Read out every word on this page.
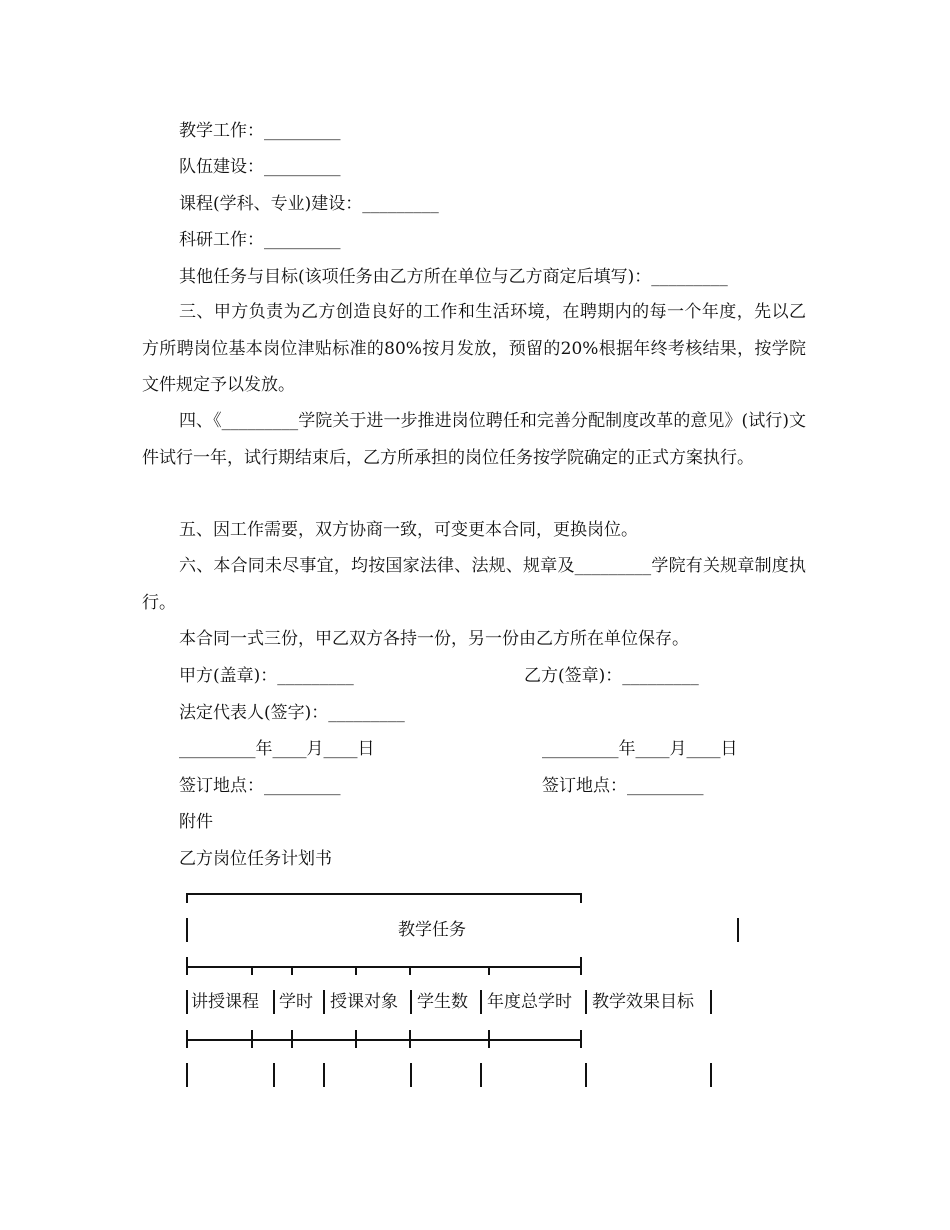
教学工作：_________
队伍建设：_________
课程(学科、专业)建设：_________
科研工作：_________
其他任务与目标(该项任务由乙方所在单位与乙方商定后填写)：_________
三、甲方负责为乙方创造良好的工作和生活环境，在聘期内的每一个年度，先以乙方所聘岗位基本岗位津贴标准的80%按月发放，预留的20%根据年终考核结果，按学院文件规定予以发放。
四、《_________学院关于进一步推进岗位聘任和完善分配制度改革的意见》(试行)文件试行一年，试行期结束后，乙方所承担的岗位任务按学院确定的正式方案执行。
五、因工作需要，双方协商一致，可变更本合同，更换岗位。
六、本合同未尽事宜，均按国家法律、法规、规章及_________学院有关规章制度执行。
本合同一式三份，甲乙双方各持一份，另一份由乙方所在单位保存。
甲方(盖章)：_________	乙方(签章)：_________
法定代表人(签字)：_________
_________年____月____日	_________年____月____日
签订地点：_________	签订地点：_________
附件
乙方岗位任务计划书
教学任务
讲授课程 学时 授课对象 学生数 年度总学时 教学效果目标
